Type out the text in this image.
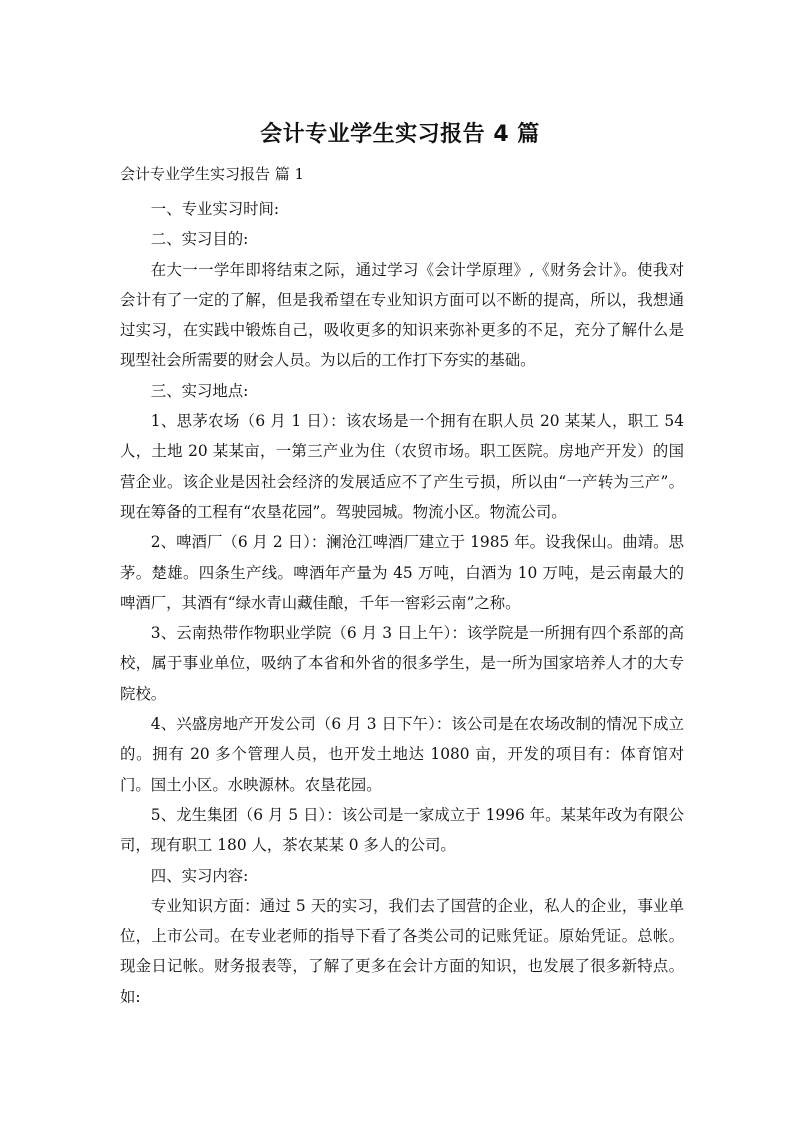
会计专业学生实习报告 4 篇
会计专业学生实习报告 篇 1

一、专业实习时间:

二、实习目的:

在大一一学年即将结束之际，通过学习《会计学原理》,《财务会计》。使我对会计有了一定的了解，但是我希望在专业知识方面可以不断的提高，所以，我想通过实习，在实践中锻炼自己，吸收更多的知识来弥补更多的不足，充分了解什么是现型社会所需要的财会人员。为以后的工作打下夯实的基础。

三、实习地点:

1、思茅农场（6 月 1 日）：该农场是一个拥有在职人员 20 某某人，职工 54 人，土地 20 某某亩，一第三产业为住（农贸市场。职工医院。房地产开发）的国营企业。该企业是因社会经济的发展适应不了产生亏损，所以由“一产转为三产”。现在筹备的工程有“农垦花园”。驾驶园城。物流小区。物流公司。

2、啤酒厂（6 月 2 日）：澜沧江啤酒厂建立于 1985 年。设我保山。曲靖。思茅。楚雄。四条生产线。啤酒年产量为 45 万吨，白酒为 10 万吨，是云南最大的啤酒厂，其酒有“绿水青山藏佳酿，千年一窖彩云南”之称。

3、云南热带作物职业学院（6 月 3 日上午）：该学院是一所拥有四个系部的高校，属于事业单位，吸纳了本省和外省的很多学生，是一所为国家培养人才的大专院校。

4、兴盛房地产开发公司（6 月 3 日下午）：该公司是在农场改制的情况下成立的。拥有 20 多个管理人员，也开发土地达 1080 亩，开发的项目有：体育馆对门。国土小区。水映源林。农垦花园。

5、龙生集团（6 月 5 日）：该公司是一家成立于 1996 年。某某年改为有限公司，现有职工 180 人，茶农某某 0 多人的公司。

四、实习内容:

专业知识方面：通过 5 天的实习，我们去了国营的企业，私人的企业，事业单位，上市公司。在专业老师的指导下看了各类公司的记账凭证。原始凭证。总帐。现金日记帐。财务报表等，了解了更多在会计方面的知识，也发展了很多新特点。如:
